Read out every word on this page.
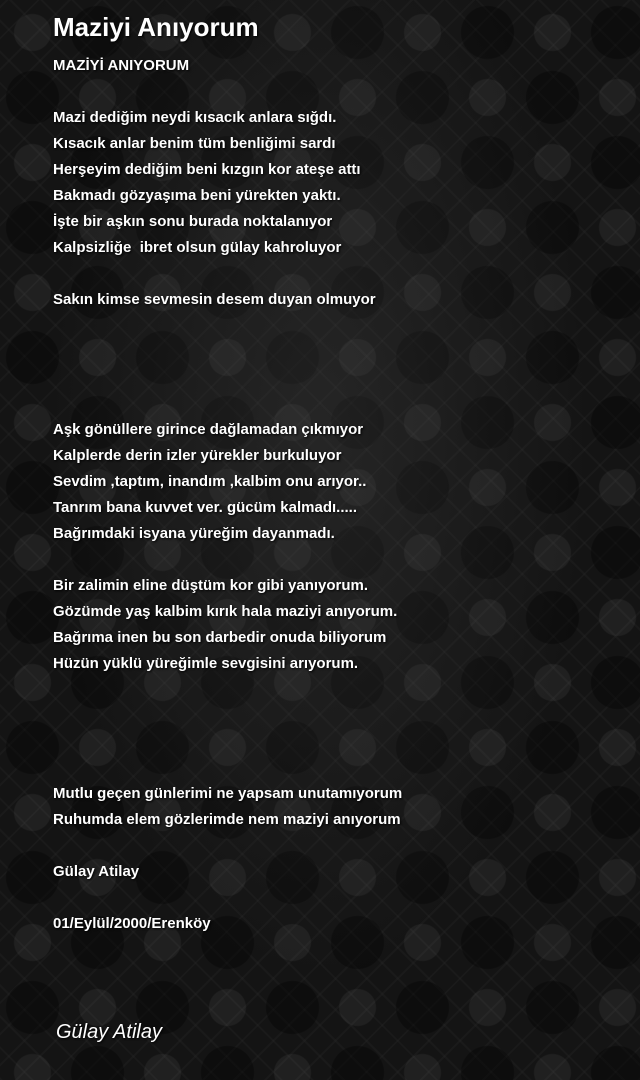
Maziyi Anıyorum
MAZİYİ ANIYORUM
Mazi dediğim neydi kısacık anlara sığdı.
Kısacık anlar benim tüm benliğimi sardı
Herşeyim dediğim beni kızgın kor ateşe attı
Bakmadı gözyaşıma beni yürekten yaktı.
İşte bir aşkın sonu burada noktalanıyor
Kalpsizliğe  ibret olsun gülay kahroluyor
Sakın kimse sevmesin desem duyan olmuyor
Aşk gönüllere girince dağlamadan çıkmıyor
Kalplerde derin izler yürekler burkuluyor
Sevdim ,taptım, inandım ,kalbim onu arıyor..
Tanrım bana kuvvet ver. gücüm kalmadı.....
Bağrımdaki isyana yüreğim dayanmadı.
Bir zalimin eline düştüm kor gibi yanıyorum.
Gözümde yaş kalbim kırık hala maziyi anıyorum.
Bağrıma inen bu son darbedir onuda biliyorum
Hüzün yüklü yüreğimle sevgisini arıyorum.
Mutlu geçen günlerimi ne yapsam unutamıyorum
Ruhumda elem gözlerimde nem maziyi anıyorum
Gülay Atilay
01/Eylül/2000/Erenköy
Gülay Atilay
